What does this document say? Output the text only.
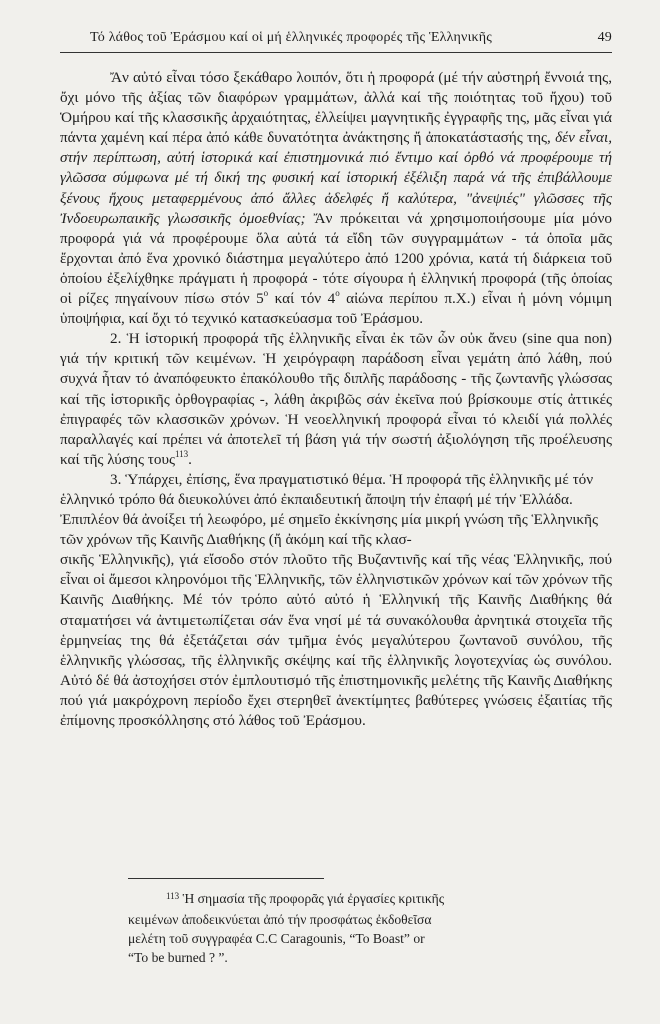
Τό λάθος τοῦ Ἐράσμου καί οἱ μή ἑλληνικές προφορές τῆς Ἑλληνικῆς	49

Ἄν αὐτό εἶναι τόσο ξεκάθαρο λοιπόν, ὅτι ἡ προφορά (μέ τήν αὐστηρή ἔννοιά της, ὄχι μόνο τῆς ἀξίας τῶν διαφόρων γραμμάτων, ἀλλά καί τῆς ποιότητας τοῦ ἤχου) τοῦ Ὁμήρου καί τῆς κλασσικῆς ἀρχαιότητας, ἐλλείψει μαγνητικῆς ἐγγραφῆς της, μᾶς εἶναι γιά πάντα χαμένη καί πέρα ἀπό κάθε δυνατότητα ἀνάκτησης ἤ ἀποκατάστασής της, δέν εἶναι, στήν περίπτωση, αὐτή ἱστορικά καί ἐπιστημονικά πιό ἔντιμο καί ὀρθό νά προφέρουμε τή γλῶσσα σύμφωνα μέ τή δική της φυσική καί ἱστορική ἐξέλιξη παρά νά τῆς ἐπιβάλλουμε ξένους ἤχους μεταφερμένους ἀπό ἄλλες ἀδελφές ἤ καλύτερα, "ἀνεψιές" γλῶσσες τῆς Ἰνδοευρωπαικῆς γλωσσικῆς ὁμοεθνίας; Ἄν πρόκειται νά χρησιμοποιήσουμε μία μόνο προφορά γιά νά προφέρουμε ὅλα αὐτά τά εἴδη τῶν συγγραμμάτων - τά ὁποῖα μᾶς ἔρχονται ἀπό ἕνα χρονικό διάστημα μεγαλύτερο ἀπό 1200 χρόνια, κατά τή διάρκεια τοῦ ὁποίου ἐξελίχθηκε πράγματι ἡ προφορά - τότε σίγουρα ἡ ἑλληνική προφορά (τῆς ὁποίας οἱ ρίζες πηγαίνουν πίσω στόν $5^o$ καί τόν $4^o$ αἰώνα περίπου π.Χ.) εἶναι ἡ μόνη νόμιμη ὑποψήφια, καί ὄχι τό τεχνικό κατασκεύασμα τοῦ Ἐράσμου.

2. Ἡ ἱστορική προφορά τῆς ἑλληνικῆς εἶναι ἐκ τῶν ὧν οὐκ ἄνευ (sine qua non) γιά τήν κριτική τῶν κειμένων. Ἡ χειρόγραφη παράδοση εἶναι γεμάτη ἀπό λάθη, πού συχνά ἦταν τό ἀναπόφευκτο ἐπακόλουθο τῆς διπλῆς παράδοσης - τῆς ζωντανῆς γλώσσας καί τῆς ἱστορικῆς ὀρθογραφίας -, λάθη ἀκριβῶς σάν ἐκεῖνα πού βρίσκουμε στίς ἀττικές ἐπιγραφές τῶν κλασσικῶν χρόνων. Ἡ νεοελληνική προφορά εἶναι τό κλειδί γιά πολλές παραλλαγές καί πρέπει νά ἀποτελεῖ τή βάση γιά τήν σωστή ἀξιολόγηση τῆς προέλευσης καί τῆς λύσης τους$^{113}$.

3. Ὑπάρχει, ἐπίσης, ἕνα πραγματιστικό θέμα. Ἡ προφορά τῆς ἑλληνικῆς μέ τόν ἑλληνικό τρόπο θά διευκολύνει ἀπό ἐκπαιδευτική ἄποψη τήν ἐπαφή μέ τήν Ἑλλάδα. Ἐπιπλέον θά ἀνοίξει τή λεωφόρο, μέ σημεῖο ἐκκίνησης μία μικρή γνώση τῆς Ἑλληνικῆς τῶν χρόνων τῆς Καινῆς Διαθήκης (ἤ ἀκόμη καί τῆς κλασ-

σικῆς Ἑλληνικῆς), γιά εἴσοδο στόν πλοῦτο τῆς Βυζαντινῆς καί τῆς νέας Ἑλληνικῆς, πού εἶναι οἱ ἄμεσοι κληρονόμοι τῆς Ἑλληνικῆς, τῶν ἑλληνιστικῶν χρόνων καί τῶν χρόνων τῆς Καινῆς Διαθήκης. Μέ τόν τρόπο αὐτό αὐτό ἡ Ἑλληνική τῆς Καινῆς Διαθήκης θά σταματήσει νά ἀντιμετωπίζεται σάν ἕνα νησί μέ τά συνακόλουθα ἀρνητικά στοιχεῖα τῆς ἑρμηνείας της θά ἐξετάζεται σάν τμῆμα ἑνός μεγαλύτερου ζωντανοῦ συνόλου, τῆς ἑλληνικῆς γλώσσας, τῆς ἑλληνικῆς σκέψης καί τῆς ἑλληνικῆς λογοτεχνίας ὡς συνόλου. Αὐτό δέ θά ἀστοχήσει στόν ἐμπλουτισμό τῆς ἐπιστημονικῆς μελέτης τῆς Καινῆς Διαθήκης πού γιά μακρόχρονη περίοδο ἔχει στερηθεῖ ἀνεκτίμητες βαθύτερες γνώσεις ἐξαιτίας τῆς ἐπίμονης προσκόλλησης στό λάθος τοῦ Ἐράσμου.

$^{113}$ Ἡ σημασία τῆς προφορᾶς γιά ἐργασίες κριτικῆς κειμένων ἀποδεικνύεται ἀπό τήν προσφάτως ἐκδοθεῖσα μελέτη τοῦ συγγραφέα C.C Caragounis, “To Boast” or “To be burned ? ”.
